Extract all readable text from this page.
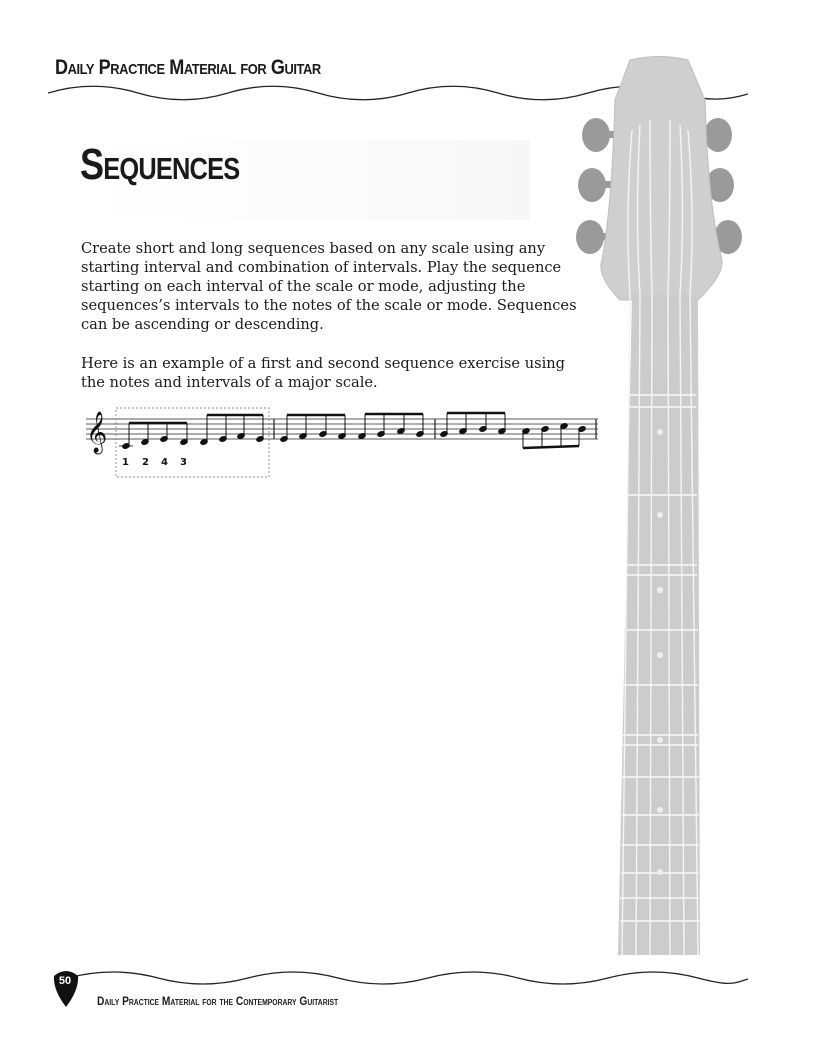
Daily Practice Material for Guitar
Sequences

Create short and long sequences based on any scale using any starting interval and combination of intervals. Play the sequence starting on each interval of the scale or mode, adjusting the sequences’s intervals to the notes of the scale or mode. Sequences can be ascending or descending.

Here is an example of a first and second sequence exercise using the notes and intervals of a major scale.

𝄞
1 2 4 3
50
Daily Practice Material for the Contemporary Guitarist
